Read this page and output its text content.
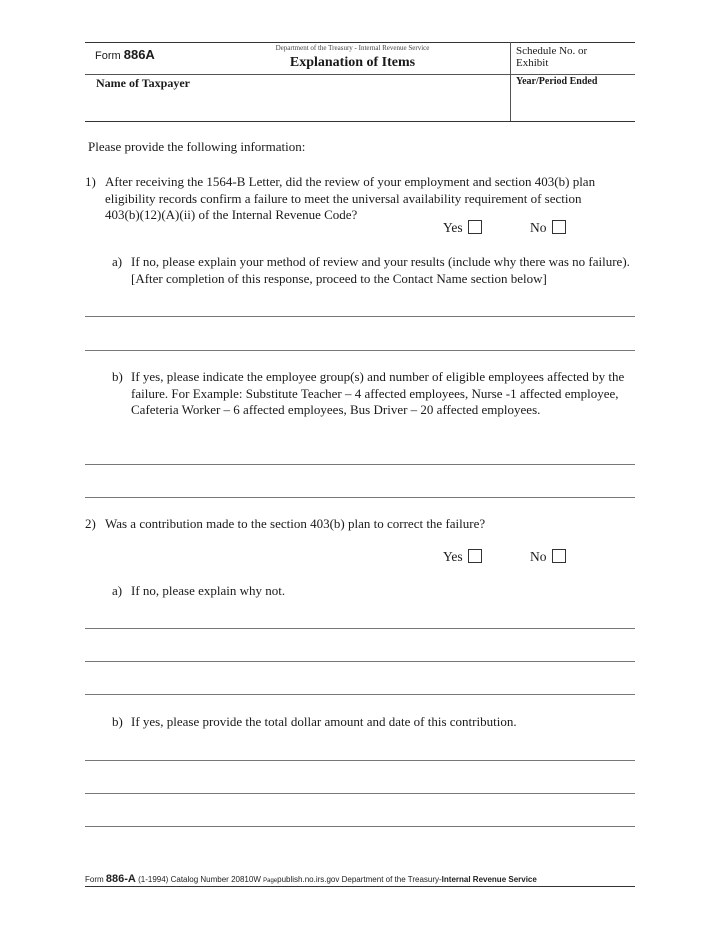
Form 886A	Department of the Treasury - Internal Revenue Service
Explanation of Items
Schedule No. or Exhibit
Name of Taxpayer	Year/Period Ended
Please provide the following information:
1) After receiving the 1564-B Letter, did the review of your employment and section 403(b) plan eligibility records confirm a failure to meet the universal availability requirement of section 403(b)(12)(A)(ii) of the Internal Revenue Code?
Yes	No
a) If no, please explain your method of review and your results (include why there was no failure). [After completion of this response, proceed to the Contact Name section below]
b) If yes, please indicate the employee group(s) and number of eligible employees affected by the failure. For Example: Substitute Teacher – 4 affected employees, Nurse -1 affected employee, Cafeteria Worker – 6 affected employees, Bus Driver – 20 affected employees.
2) Was a contribution made to the section 403(b) plan to correct the failure?
Yes	No
a) If no, please explain why not.
b) If yes, please provide the total dollar amount and date of this contribution.
Form 886-A (1-1994) Catalog Number 20810W Pagepublish.no.irs.gov Department of the Treasury-Internal Revenue Service
